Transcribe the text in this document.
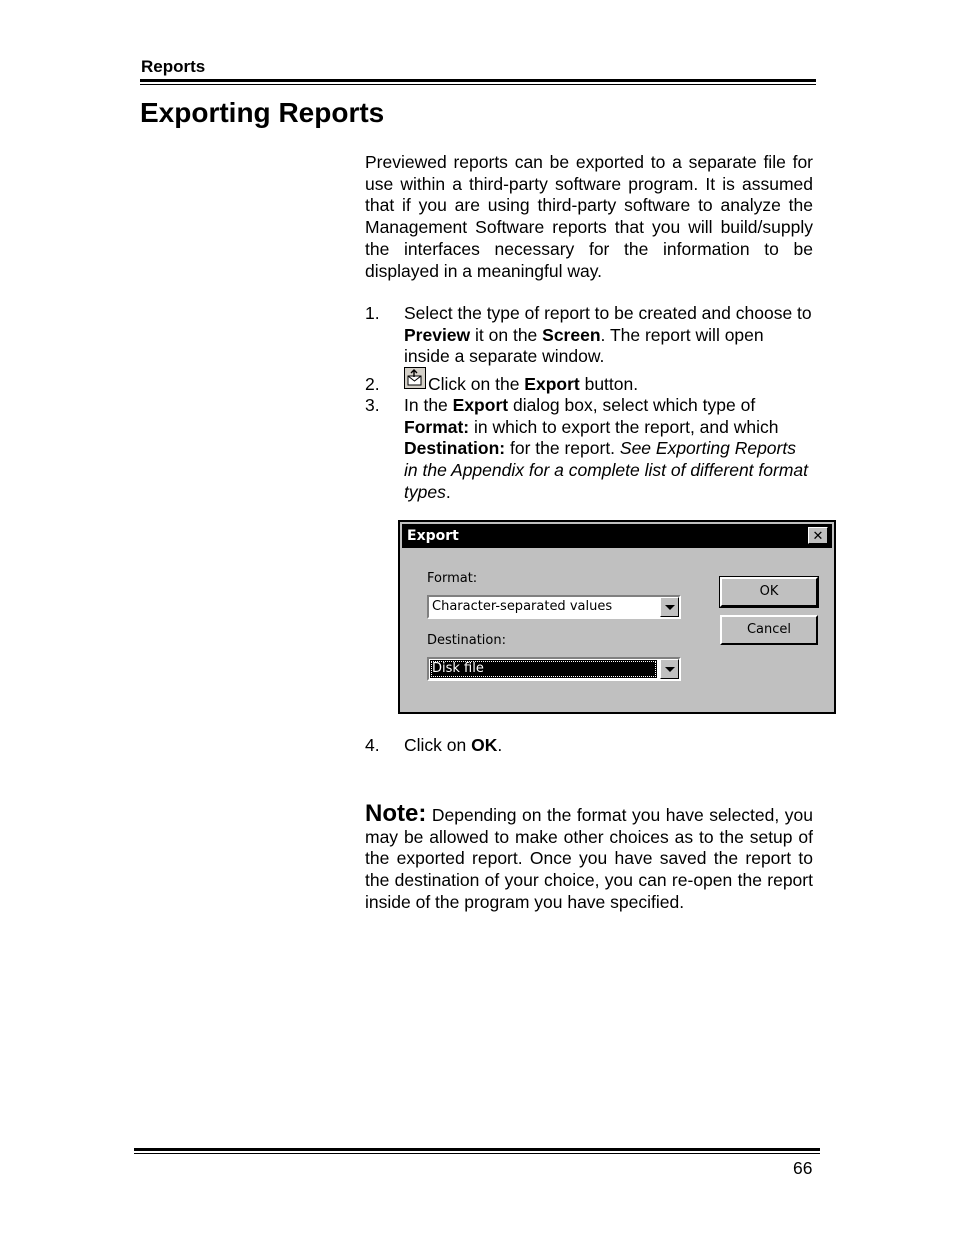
Reports
Exporting Reports

Previewed reports can be exported to a separate file for use within a third-party software program. It is assumed that if you are using third-party software to analyze the Management Software reports that you will build/supply the interfaces necessary for the information to be displayed in a meaningful way.

1. Select the type of report to be created and choose to Preview it on the Screen. The report will open inside a separate window.
2.	Click on the Export button.
3. In the Export dialog box, select which type of Format: in which to export the report, and which Destination: for the report. See Exporting Reports in the Appendix for a complete list of different format types.
Export	✕
Format:
Character-separated values
Destination:
Disk file
OK
Cancel
4. Click on OK.

Note: Depending on the format you have selected, you may be allowed to make other choices as to the setup of the exported report. Once you have saved the report to the destination of your choice, you can re-open the report inside of the program you have specified.

66
